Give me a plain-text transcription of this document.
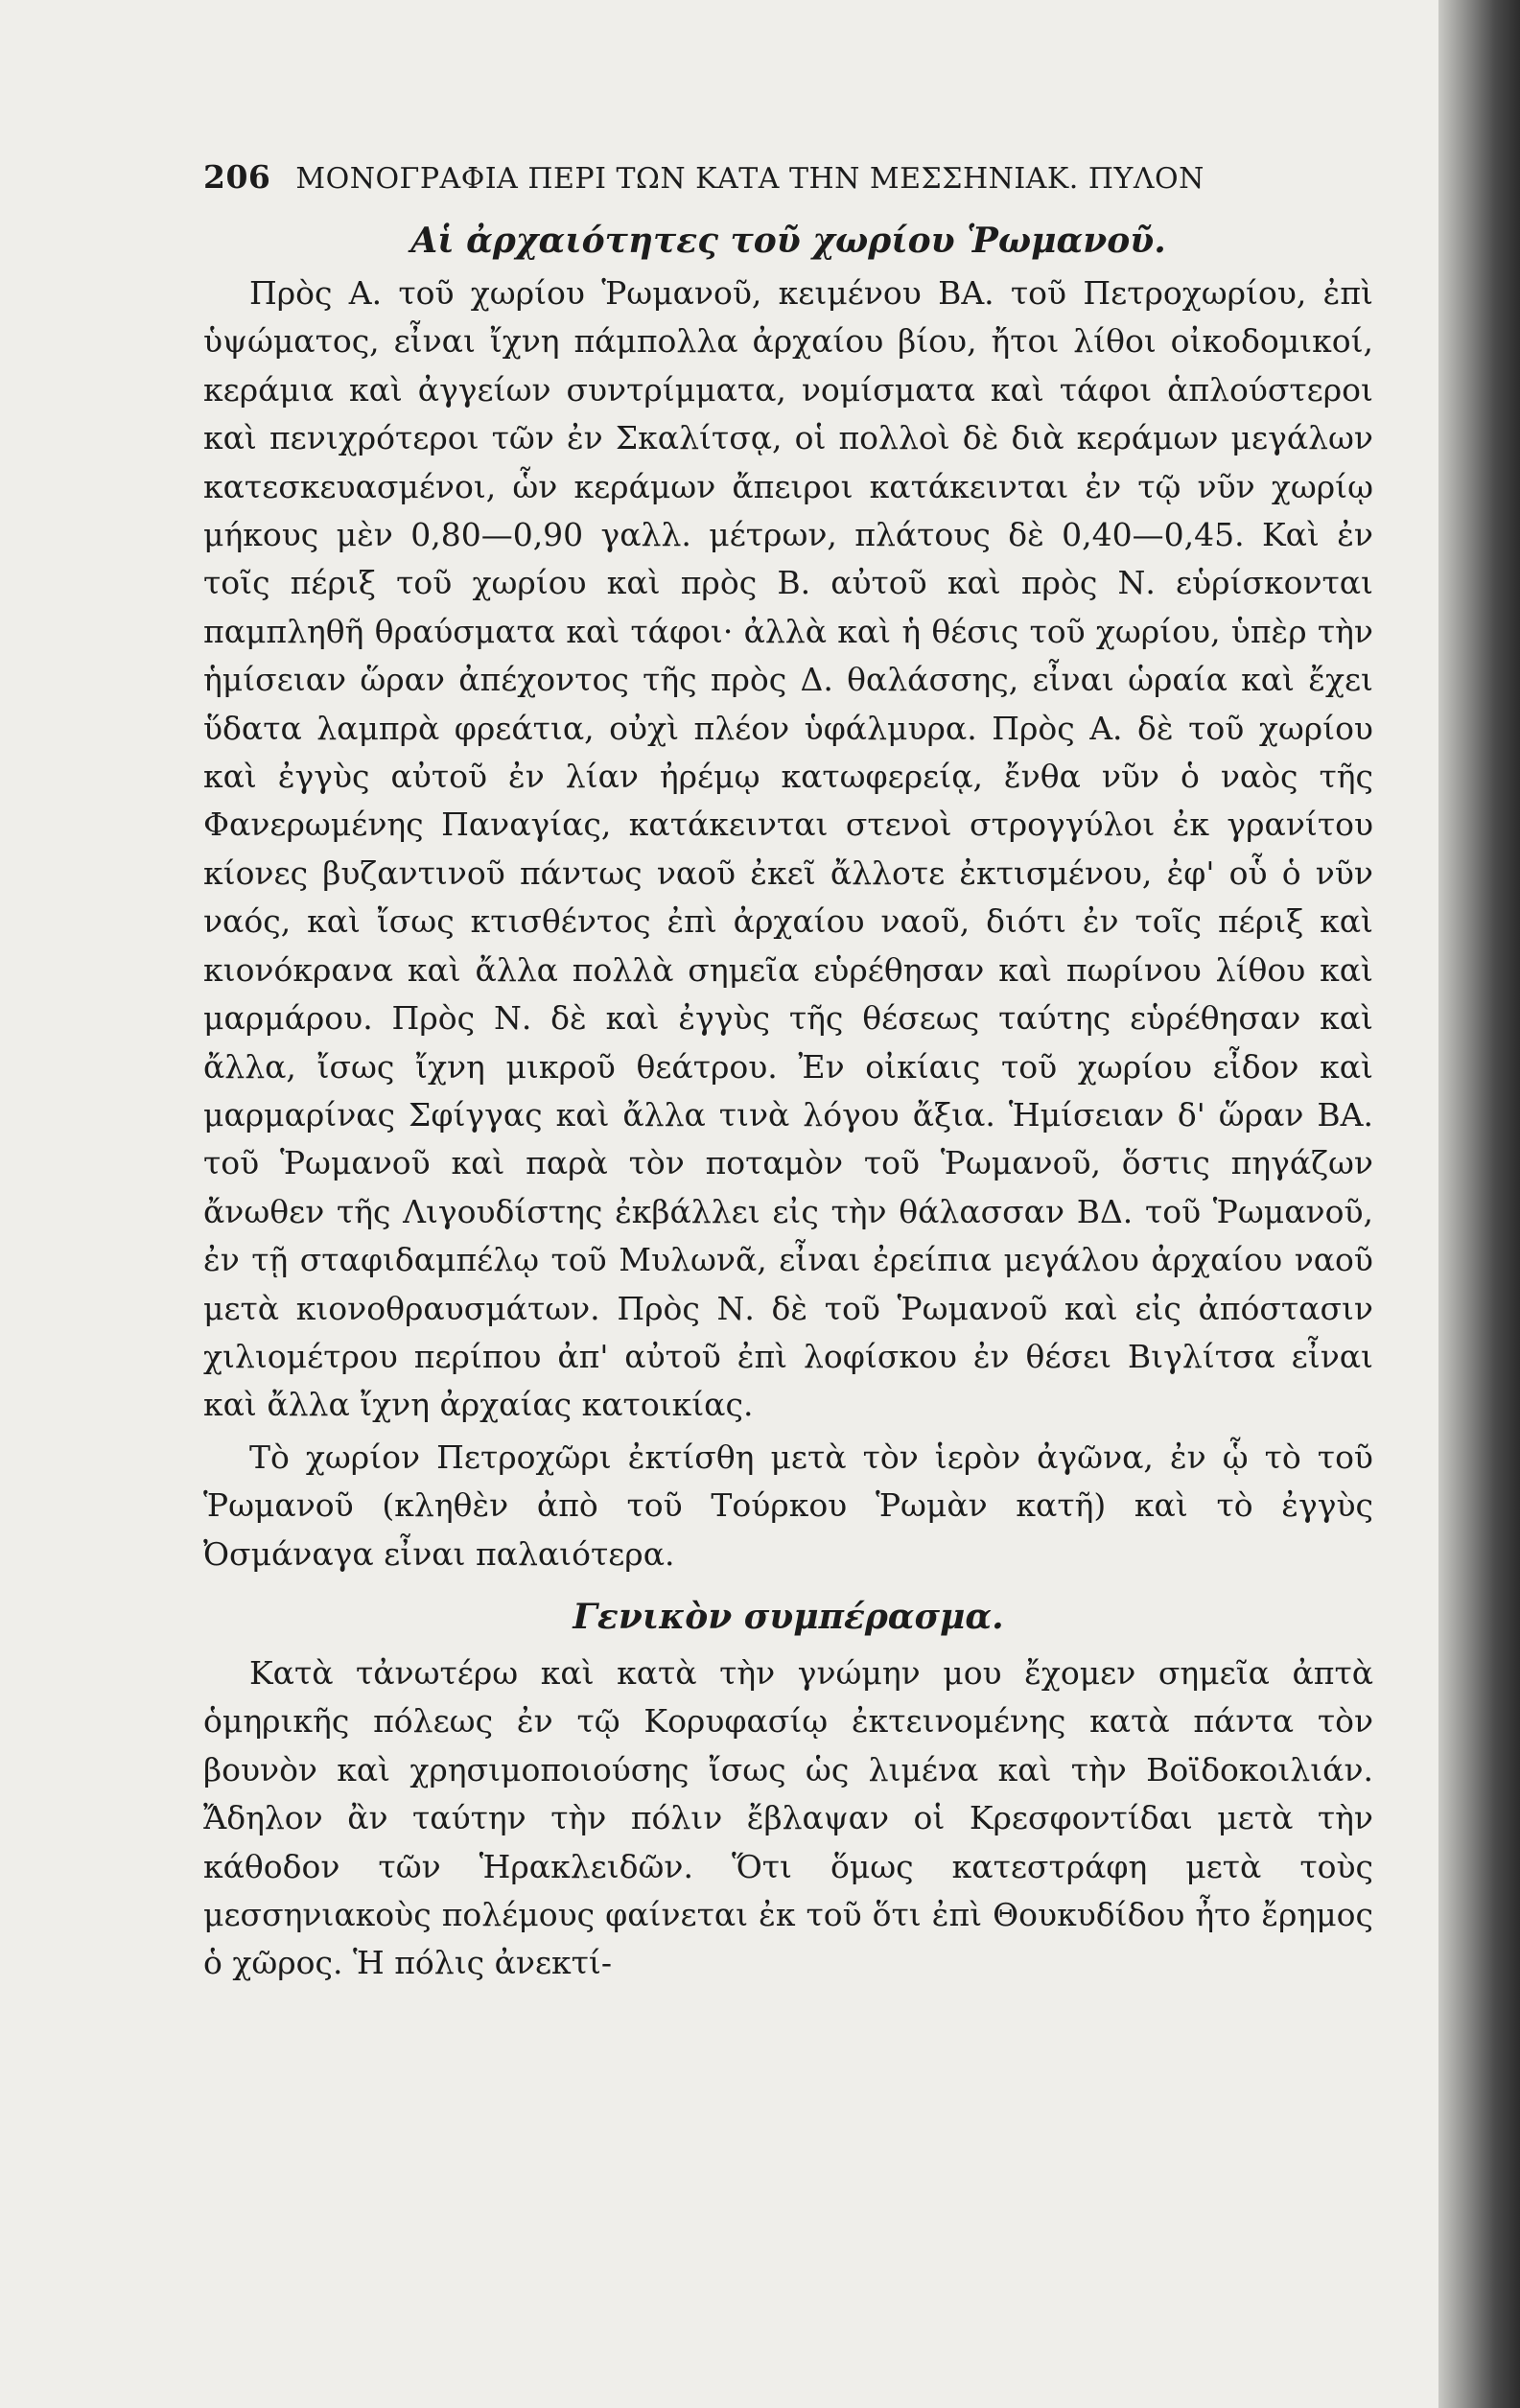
206 ΜΟΝΟΓΡΑΦΙΑ ΠΕΡΙ ΤΩΝ ΚΑΤΑ ΤΗΝ ΜΕΣΣΗΝΙΑΚ. ΠΥΛΟΝ
Αἱ ἀρχαιότητες τοῦ χωρίου Ῥωμανοῦ.

Πρὸς Α. τοῦ χωρίου Ῥωμανοῦ, κειμένου ΒΑ. τοῦ Πετροχωρίου, ἐπὶ ὑψώματος, εἶναι ἴχνη πάμπολλα ἀρχαίου βίου, ἤτοι λίθοι οἰκοδομικοί, κεράμια καὶ ἀγγείων συντρίμματα, νομίσματα καὶ τάφοι ἁπλούστεροι καὶ πενιχρότεροι τῶν ἐν Σκαλίτσᾳ, οἱ πολλοὶ δὲ διὰ κεράμων μεγάλων κατεσκευασμένοι, ὧν κεράμων ἄπειροι κατάκεινται ἐν τῷ νῦν χωρίῳ μήκους μὲν 0,80—0,90 γαλλ. μέτρων, πλάτους δὲ 0,40—0,45. Καὶ ἐν τοῖς πέριξ τοῦ χωρίου καὶ πρὸς Β. αὐτοῦ καὶ πρὸς Ν. εὑρίσκονται παμπληθῆ θραύσματα καὶ τάφοι· ἀλλὰ καὶ ἡ θέσις τοῦ χωρίου, ὑπὲρ τὴν ἡμίσειαν ὥραν ἀπέχοντος τῆς πρὸς Δ. θαλάσσης, εἶναι ὡραία καὶ ἔχει ὕδατα λαμπρὰ φρεάτια, οὐχὶ πλέον ὑφάλμυρα. Πρὸς Α. δὲ τοῦ χωρίου καὶ ἐγγὺς αὐτοῦ ἐν λίαν ἠρέμῳ κατωφερείᾳ, ἔνθα νῦν ὁ ναὸς τῆς Φανερωμένης Παναγίας, κατάκεινται στενοὶ στρογγύλοι ἐκ γρανίτου κίονες βυζαντινοῦ πάντως ναοῦ ἐκεῖ ἄλλοτε ἐκτισμένου, ἐφ' οὗ ὁ νῦν ναός, καὶ ἴσως κτισθέντος ἐπὶ ἀρχαίου ναοῦ, διότι ἐν τοῖς πέριξ καὶ κιονόκρανα καὶ ἄλλα πολλὰ σημεῖα εὑρέθησαν καὶ πωρίνου λίθου καὶ μαρμάρου. Πρὸς Ν. δὲ καὶ ἐγγὺς τῆς θέσεως ταύτης εὑρέθησαν καὶ ἄλλα, ἴσως ἴχνη μικροῦ θεάτρου. Ἐν οἰκίαις τοῦ χωρίου εἶδον καὶ μαρμαρίνας Σφίγγας καὶ ἄλλα τινὰ λόγου ἄξια. Ἡμίσειαν δ' ὥραν ΒΑ. τοῦ Ῥωμανοῦ καὶ παρὰ τὸν ποταμὸν τοῦ Ῥωμανοῦ, ὅστις πηγάζων ἄνωθεν τῆς Λιγουδίστης ἐκβάλλει εἰς τὴν θάλασσαν ΒΔ. τοῦ Ῥωμανοῦ, ἐν τῇ σταφιδαμπέλῳ τοῦ Μυλωνᾶ, εἶναι ἐρείπια μεγάλου ἀρχαίου ναοῦ μετὰ κιονοθραυσμάτων. Πρὸς Ν. δὲ τοῦ Ῥωμανοῦ καὶ εἰς ἀπόστασιν χιλιομέτρου περίπου ἀπ' αὐτοῦ ἐπὶ λοφίσκου ἐν θέσει Βιγλίτσα εἶναι καὶ ἄλλα ἴχνη ἀρχαίας κατοικίας.

Τὸ χωρίον Πετροχῶρι ἐκτίσθη μετὰ τὸν ἱερὸν ἀγῶνα, ἐν ᾧ τὸ τοῦ Ῥωμανοῦ (κληθὲν ἀπὸ τοῦ Τούρκου Ῥωμὰν κατῆ) καὶ τὸ ἐγγὺς Ὀσμάναγα εἶναι παλαιότερα.

Γενικὸν συμπέρασμα.

Κατὰ τἀνωτέρω καὶ κατὰ τὴν γνώμην μου ἔχομεν σημεῖα ἀπτὰ ὁμηρικῆς πόλεως ἐν τῷ Κορυφασίῳ ἐκτεινομένης κατὰ πάντα τὸν βουνὸν καὶ χρησιμοποιούσης ἴσως ὡς λιμένα καὶ τὴν Βοϊδοκοιλιάν. Ἄδηλον ἂν ταύτην τὴν πόλιν ἔβλαψαν οἱ Κρεσφοντίδαι μετὰ τὴν κάθοδον τῶν Ἡρακλειδῶν. Ὅτι ὅμως κατεστράφη μετὰ τοὺς μεσσηνιακοὺς πολέμους φαίνεται ἐκ τοῦ ὅτι ἐπὶ Θουκυδίδου ἦτο ἔρημος ὁ χῶρος. Ἡ πόλις ἀνεκτί-
